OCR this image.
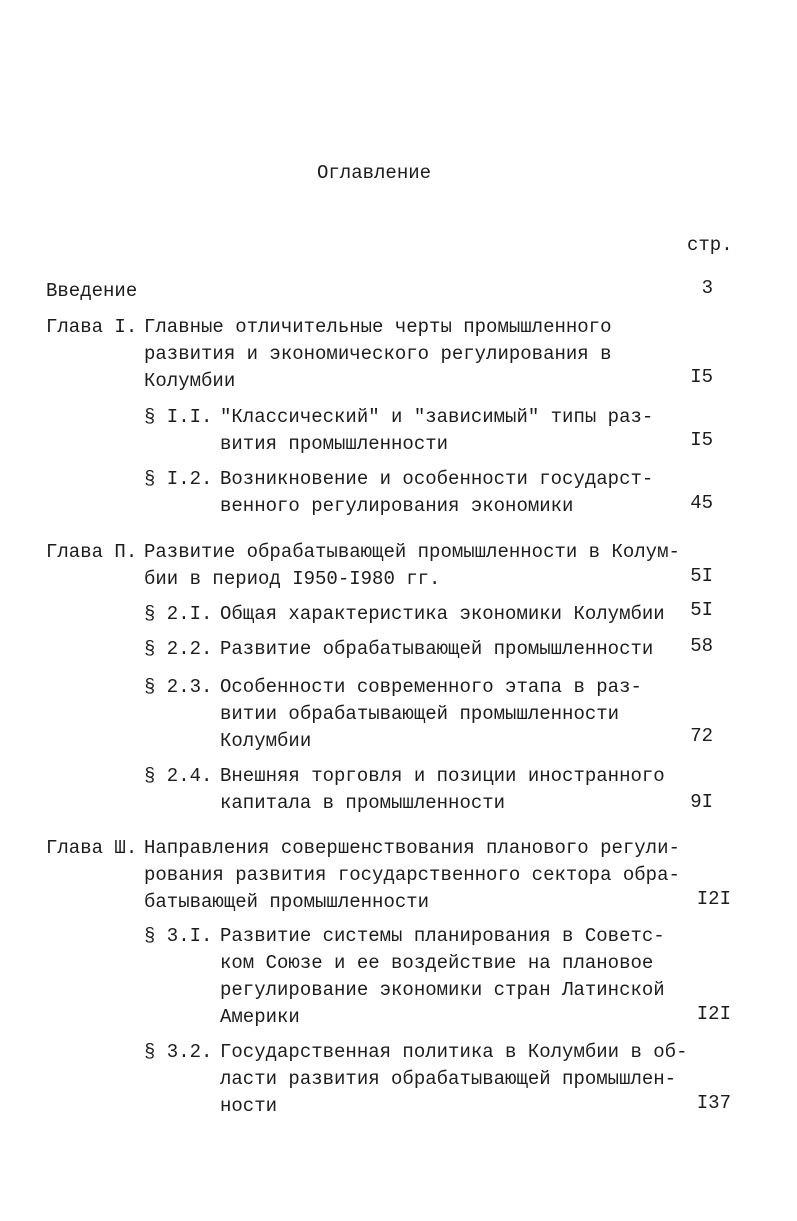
Оглавление
стр.
Введение	3
Глава I. Главные отличительные черты промышленного
развития и экономического регулирования в
Колумбии	I5
§ I.I. "Классический" и "зависимый" типы раз-
вития промышленности	I5
§ I.2. Возникновение и особенности государст-
венного регулирования экономики	45
Глава П. Развитие обрабатывающей промышленности в Колум-
бии в период I950-I980 гг.	5I
§ 2.I. Общая характеристика экономики Колумбии	5I
§ 2.2. Развитие обрабатывающей промышленности	58
§ 2.3. Особенности современного этапа в раз-
витии обрабатывающей промышленности
Колумбии	72
§ 2.4. Внешняя торговля и позиции иностранного
капитала в промышленности	9I
Глава Ш. Направления совершенствования планового регули-
рования развития государственного сектора обра-
батывающей промышленности	I2I
§ 3.I. Развитие системы планирования в Советс-
ком Союзе и ее воздействие на плановое
регулирование экономики стран Латинской
Америки	I2I
§ 3.2. Государственная политика в Колумбии в об-
ласти развития обрабатывающей промышлен-
ности	I37
